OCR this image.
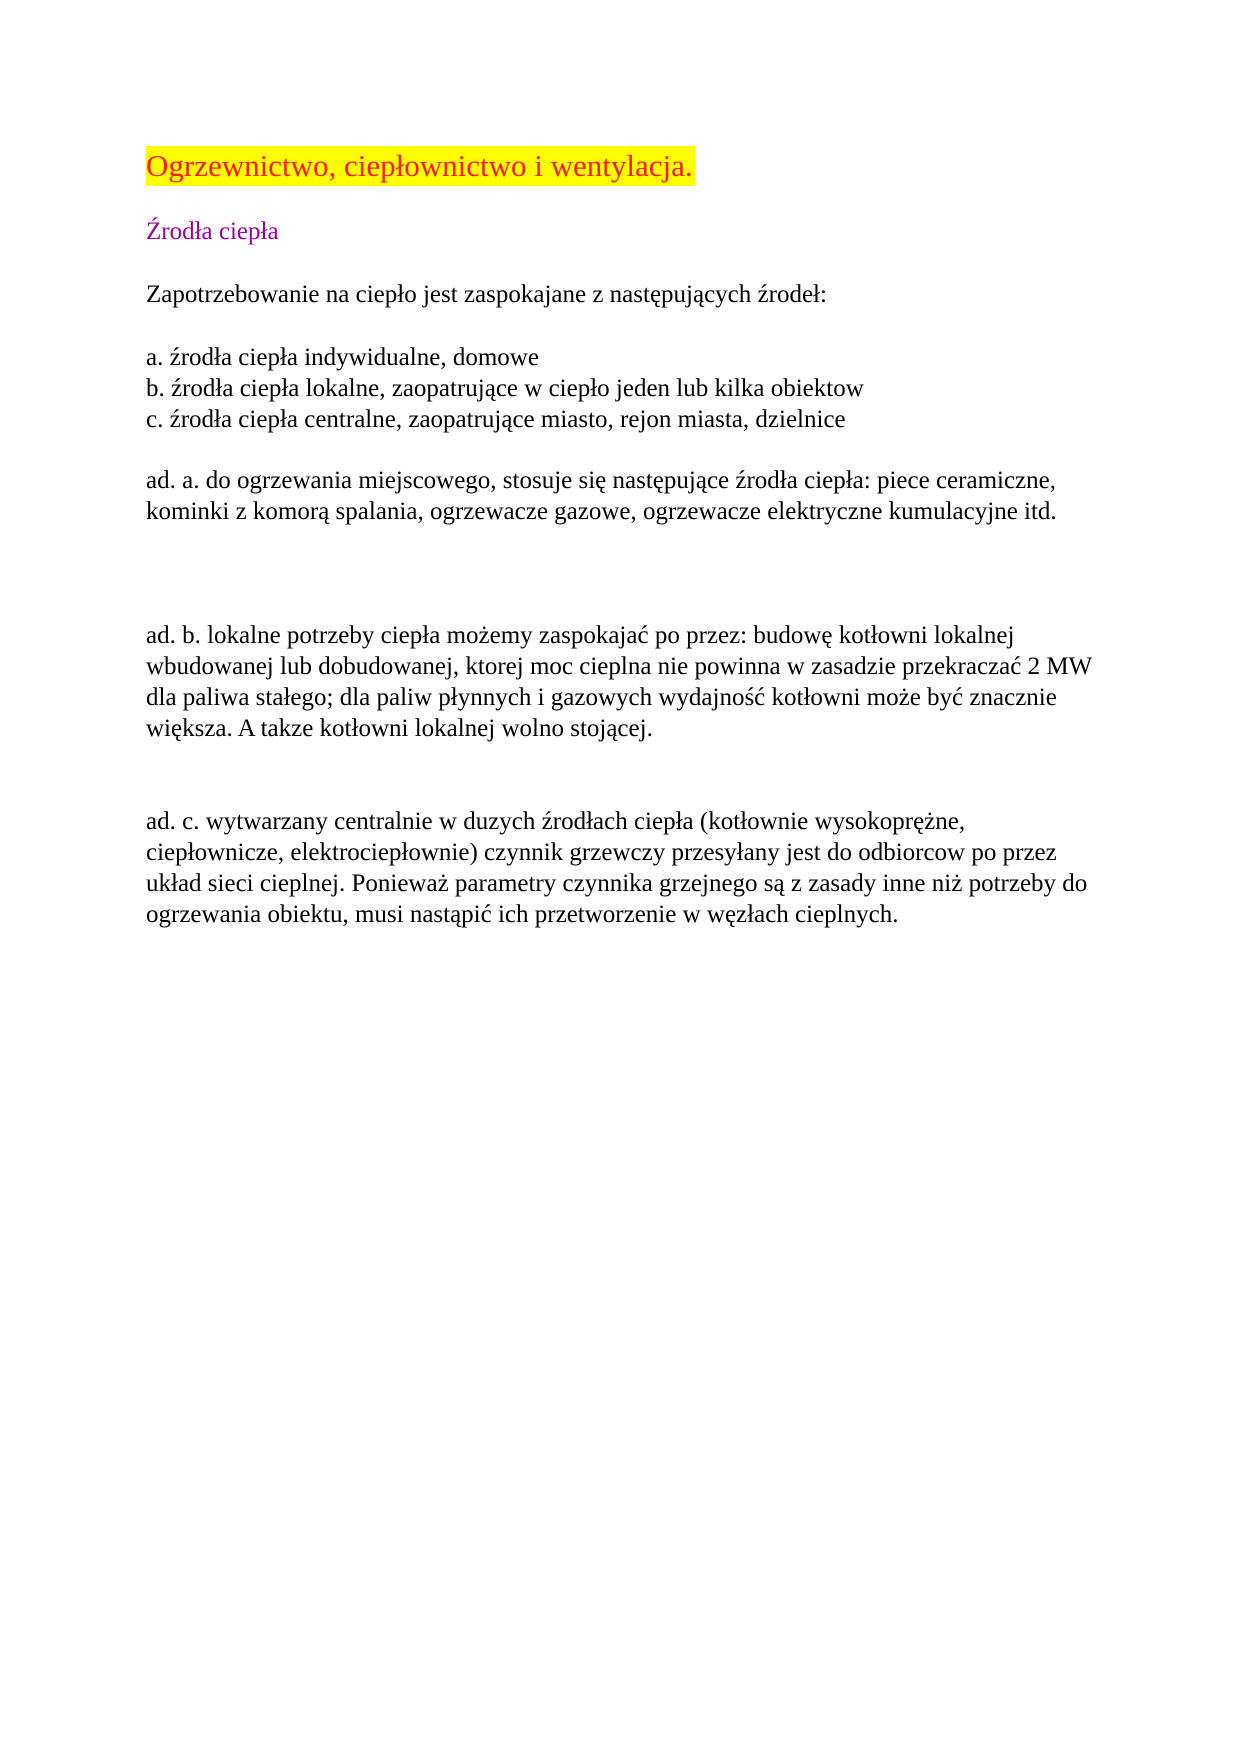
Ogrzewnictwo, ciepłownictwo i wentylacja.
Źrodła ciepła

Zapotrzebowanie na ciepło jest zaspokajane z następujących źrodeł:

a. źrodła ciepła indywidualne, domowe
b. źrodła ciepła lokalne, zaopatrujące w ciepło jeden lub kilka obiektow
c. źrodła ciepła centralne, zaopatrujące miasto, rejon miasta, dzielnice

ad. a. do ogrzewania miejscowego, stosuje się następujące źrodła ciepła: piece ceramiczne, kominki z komorą spalania, ogrzewacze gazowe, ogrzewacze elektryczne kumulacyjne itd.

ad. b. lokalne potrzeby ciepła możemy zaspokajać po przez: budowę kotłowni lokalnej wbudowanej lub dobudowanej, ktorej moc cieplna nie powinna w zasadzie przekraczać 2 MW dla paliwa stałego; dla paliw płynnych i gazowych wydajność kotłowni może być znacznie większa. A takze kotłowni lokalnej wolno stojącej.

ad. c. wytwarzany centralnie w duzych źrodłach ciepła (kotłownie wysokoprężne, ciepłownicze, elektrociepłownie) czynnik grzewczy przesyłany jest do odbiorcow po przez układ sieci cieplnej. Ponieważ parametry czynnika grzejnego są z zasady inne niż potrzeby do ogrzewania obiektu, musi nastąpić ich przetworzenie w węzłach cieplnych.
